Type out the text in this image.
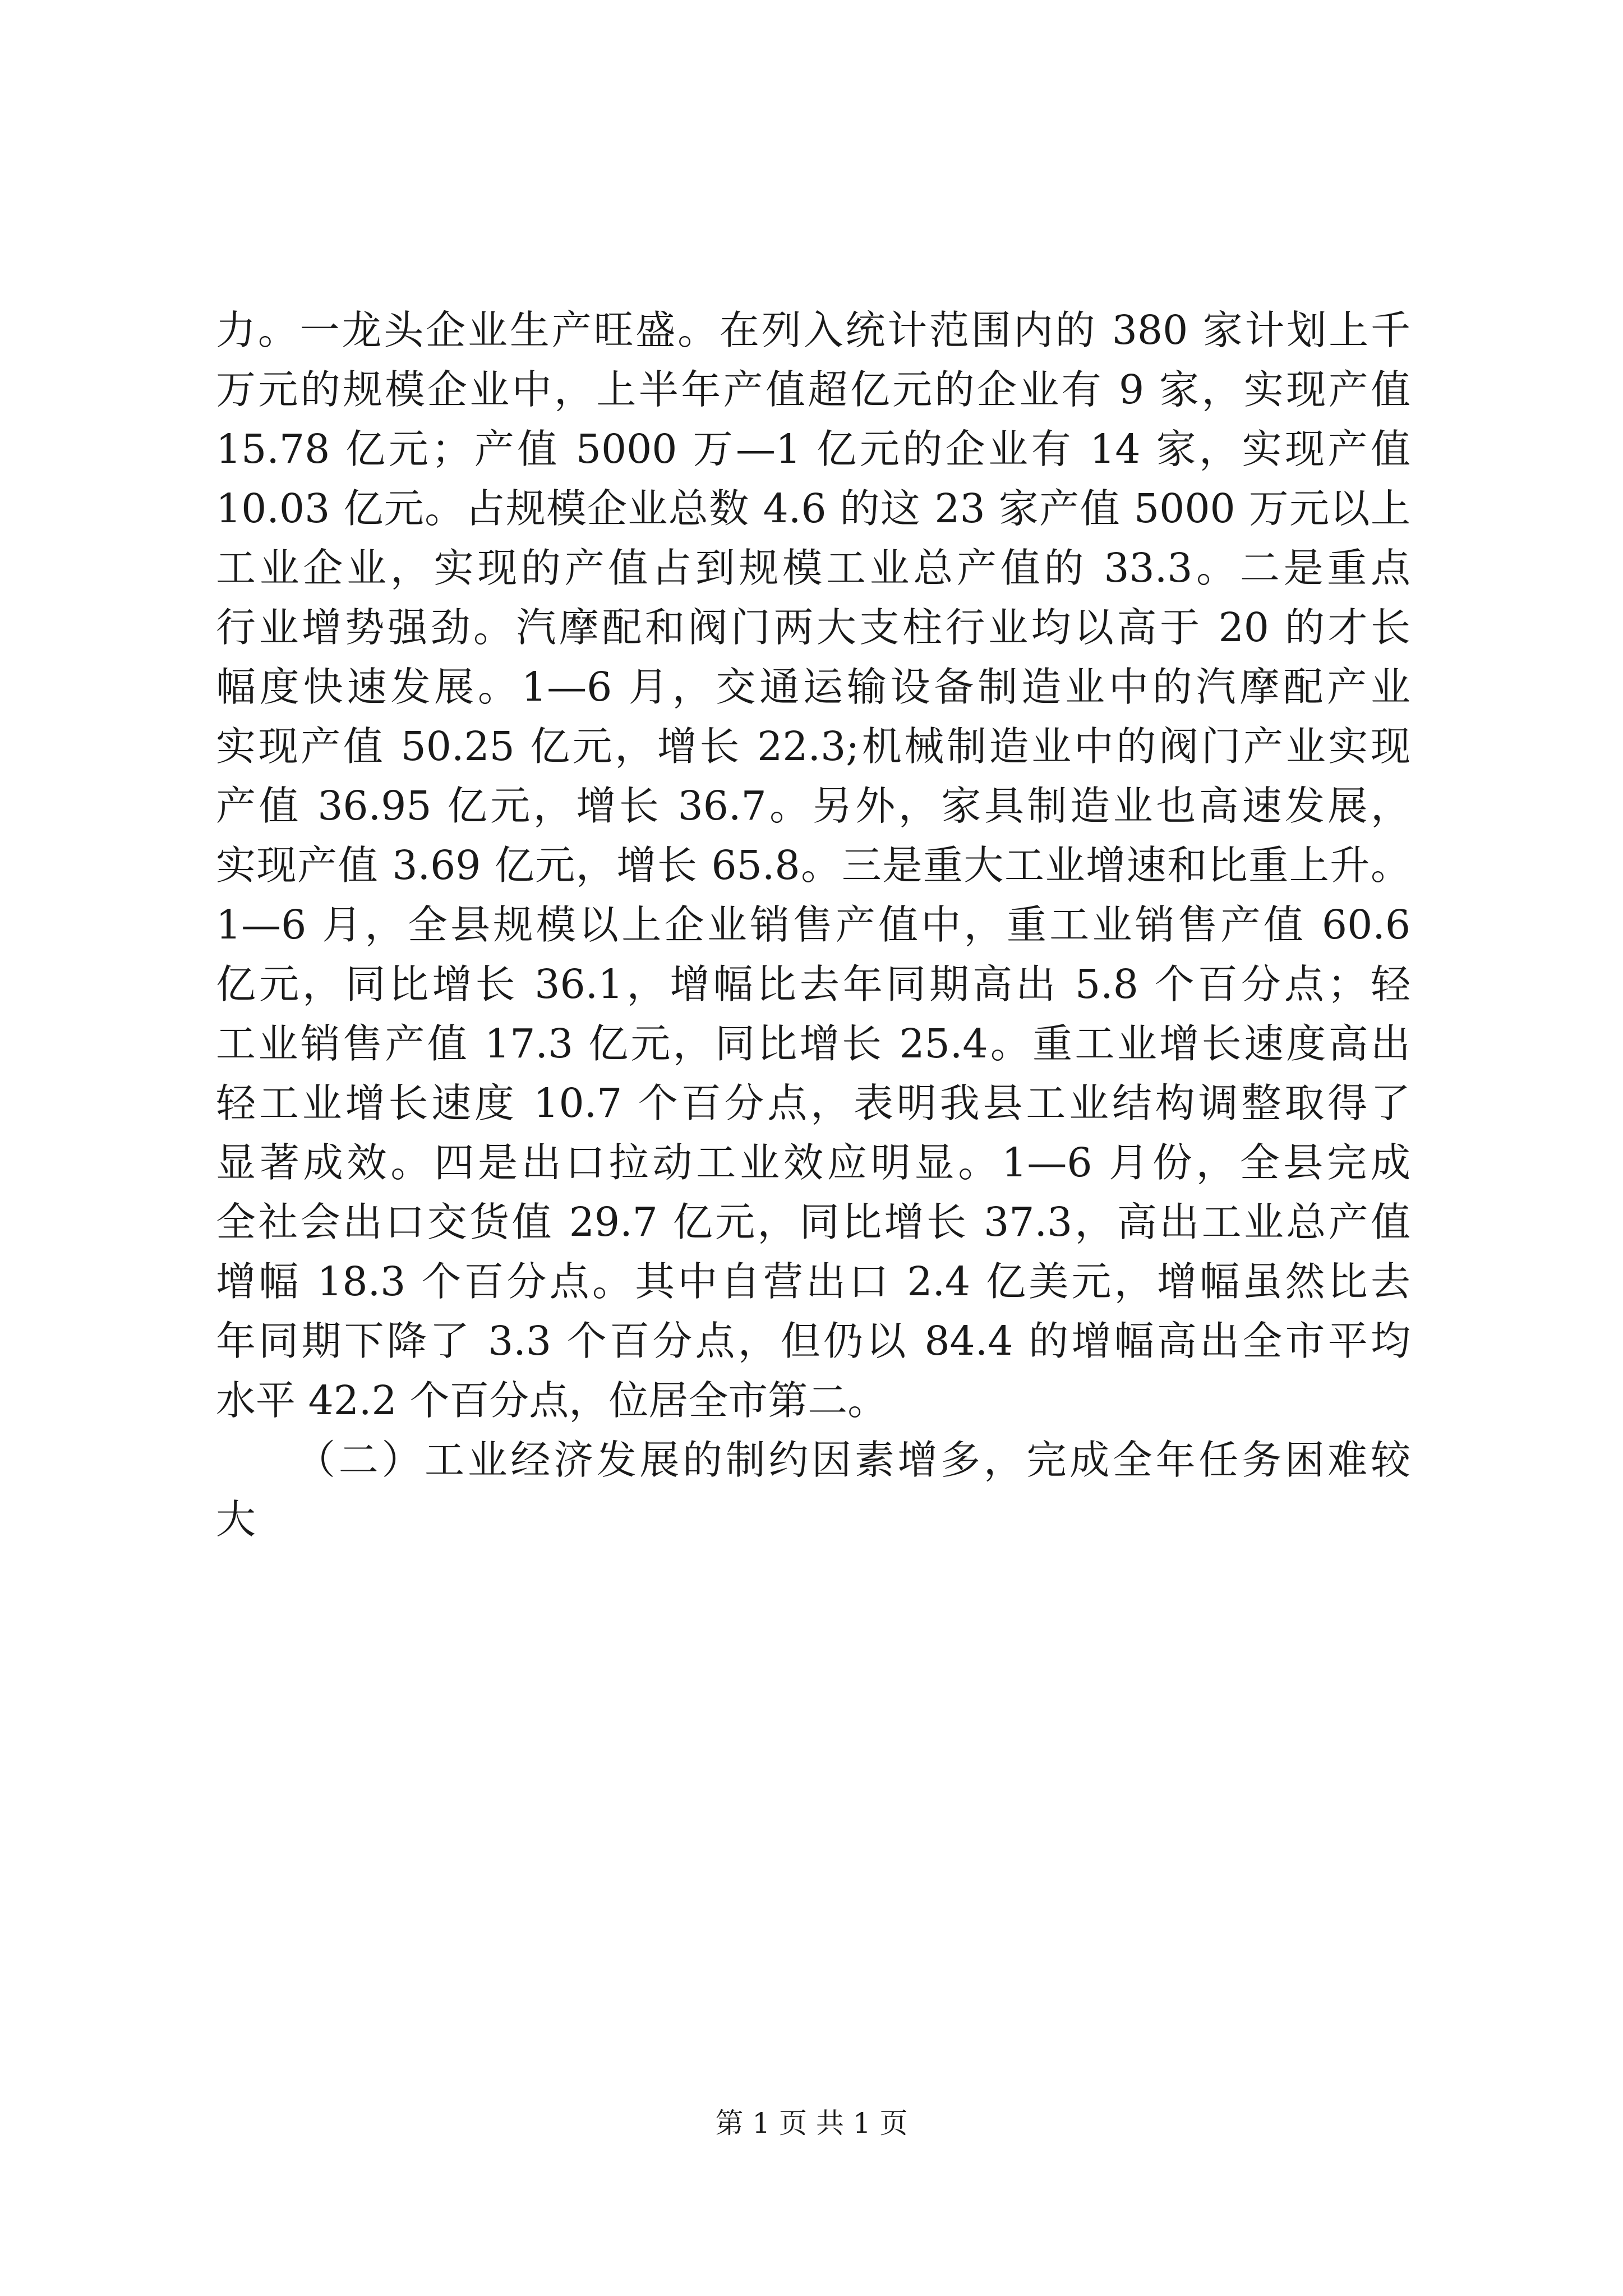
力。一龙头企业生产旺盛。在列入统计范围内的 380 家计划上千
万元的规模企业中，上半年产值超亿元的企业有 9 家，实现产值
15.78 亿元；产值 5000 万—1 亿元的企业有 14 家，实现产值
10.03 亿元。占规模企业总数 4.6 的这 23 家产值 5000 万元以上
工业企业，实现的产值占到规模工业总产值的 33.3。二是重点
行业增势强劲。汽摩配和阀门两大支柱行业均以高于 20 的才长
幅度快速发展。1—6 月，交通运输设备制造业中的汽摩配产业
实现产值 50.25 亿元，增长 22.3;机械制造业中的阀门产业实现
产值 36.95 亿元，增长 36.7。另外，家具制造业也高速发展，
实现产值 3.69 亿元，增长 65.8。三是重大工业增速和比重上升。
1—6 月，全县规模以上企业销售产值中，重工业销售产值 60.6
亿元，同比增长 36.1，增幅比去年同期高出 5.8 个百分点；轻
工业销售产值 17.3 亿元，同比增长 25.4。重工业增长速度高出
轻工业增长速度 10.7 个百分点，表明我县工业结构调整取得了
显著成效。四是出口拉动工业效应明显。1—6 月份，全县完成
全社会出口交货值 29.7 亿元，同比增长 37.3，高出工业总产值
增幅 18.3 个百分点。其中自营出口 2.4 亿美元，增幅虽然比去
年同期下降了 3.3 个百分点，但仍以 84.4 的增幅高出全市平均
水平 42.2 个百分点，位居全市第二。
（二）工业经济发展的制约因素增多，完成全年任务困难较
大
第 1 页 共 1 页
